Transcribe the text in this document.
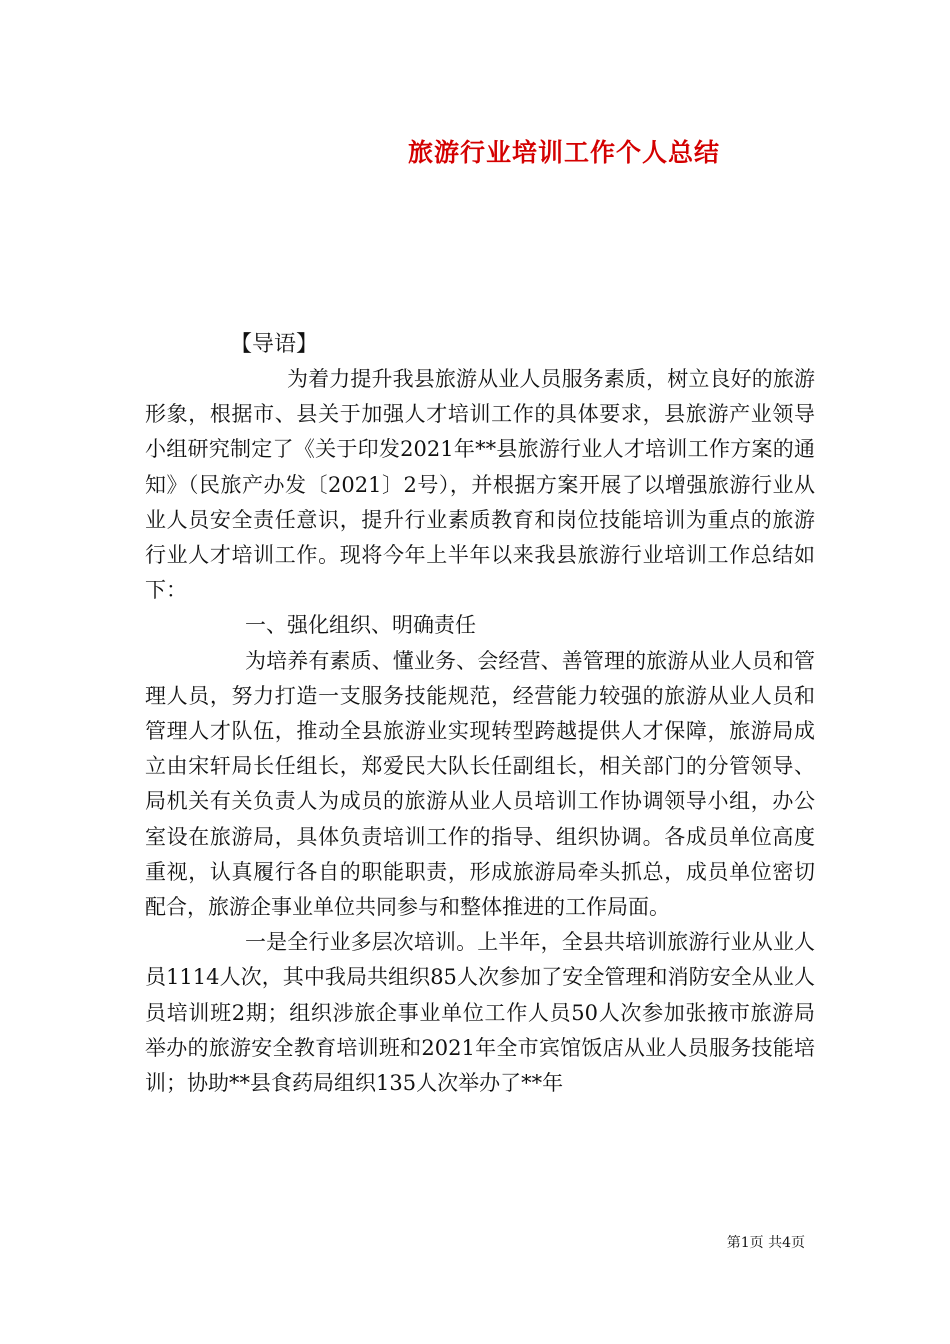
旅游行业培训工作个人总结
【导语】

为着力提升我县旅游从业人员服务素质，树立良好的旅游形象，根据市、县关于加强人才培训工作的具体要求，县旅游产业领导小组研究制定了《关于印发2021年**县旅游行业人才培训工作方案的通知》（民旅产办发〔2021〕2号），并根据方案开展了以增强旅游行业从业人员安全责任意识，提升行业素质教育和岗位技能培训为重点的旅游行业人才培训工作。现将今年上半年以来我县旅游行业培训工作总结如下：

一、强化组织、明确责任

为培养有素质、懂业务、会经营、善管理的旅游从业人员和管理人员，努力打造一支服务技能规范，经营能力较强的旅游从业人员和管理人才队伍，推动全县旅游业实现转型跨越提供人才保障，旅游局成立由宋轩局长任组长，郑爱民大队长任副组长，相关部门的分管领导、局机关有关负责人为成员的旅游从业人员培训工作协调领导小组，办公室设在旅游局，具体负责培训工作的指导、组织协调。各成员单位高度重视，认真履行各自的职能职责，形成旅游局牵头抓总，成员单位密切配合，旅游企事业单位共同参与和整体推进的工作局面。

一是全行业多层次培训。上半年，全县共培训旅游行业从业人员1114人次，其中我局共组织85人次参加了安全管理和消防安全从业人员培训班2期；组织涉旅企事业单位工作人员50人次参加张掖市旅游局举办的旅游安全教育培训班和2021年全市宾馆饭店从业人员服务技能培训；协助**县食药局组织135人次举办了**年

第1页 共4页
